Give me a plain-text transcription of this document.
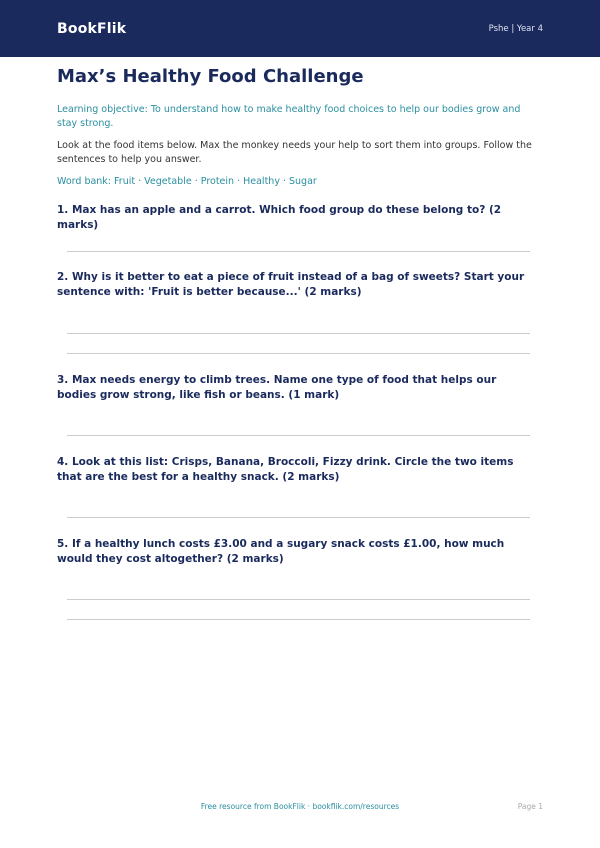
BookFlik	Pshe | Year 4
Max’s Healthy Food Challenge
Learning objective: To understand how to make healthy food choices to help our bodies grow and stay strong.
Look at the food items below. Max the monkey needs your help to sort them into groups. Follow the sentences to help you answer.
Word bank: Fruit · Vegetable · Protein · Healthy · Sugar
1. Max has an apple and a carrot. Which food group do these belong to? (2 marks)
2. Why is it better to eat a piece of fruit instead of a bag of sweets? Start your sentence with: 'Fruit is better because...' (2 marks)
3. Max needs energy to climb trees. Name one type of food that helps our bodies grow strong, like fish or beans. (1 mark)
4. Look at this list: Crisps, Banana, Broccoli, Fizzy drink. Circle the two items that are the best for a healthy snack. (2 marks)
5. If a healthy lunch costs £3.00 and a sugary snack costs £1.00, how much would they cost altogether? (2 marks)
Free resource from BookFlik · bookflik.com/resources	Page 1
